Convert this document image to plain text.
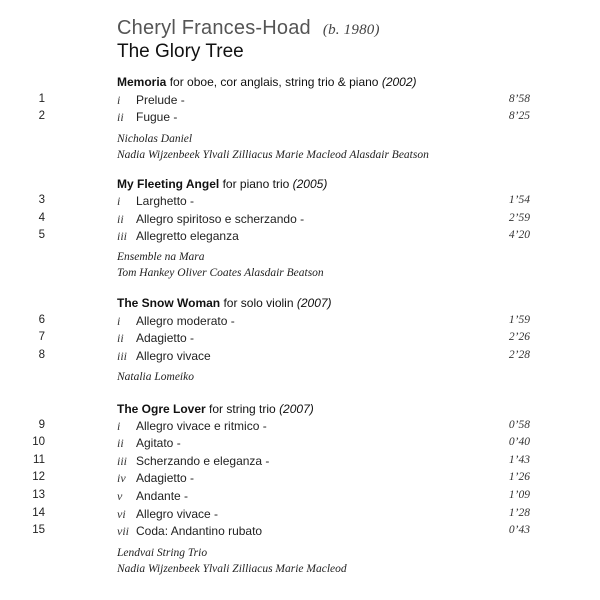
Cheryl Frances-Hoad (b. 1980)
The Glory Tree
Memoria for oboe, cor anglais, string trio & piano (2002)
1	i Prelude -	8’58
2	ii Fugue -	8’25
Nicholas Daniel
Nadia Wijzenbeek Ylvali Zilliacus Marie Macleod Alasdair Beatson
My Fleeting Angel for piano trio (2005)
3	i Larghetto -	1’54
4	ii Allegro spiritoso e scherzando -	2’59
5	iii Allegretto eleganza	4’20
Ensemble na Mara
Tom Hankey Oliver Coates Alasdair Beatson
The Snow Woman for solo violin (2007)
6	i Allegro moderato -	1’59
7	ii Adagietto -	2’26
8	iii Allegro vivace	2’28
Natalia Lomeiko
The Ogre Lover for string trio (2007)
9	i Allegro vivace e ritmico -	0’58
10	ii Agitato -	0’40
11	iii Scherzando e eleganza -	1’43
12	iv Adagietto -	1’26
13	v Andante -	1’09
14	vi Allegro vivace -	1’28
15	vii Coda: Andantino rubato	0’43
Lendvai String Trio
Nadia Wijzenbeek Ylvali Zilliacus Marie Macleod
